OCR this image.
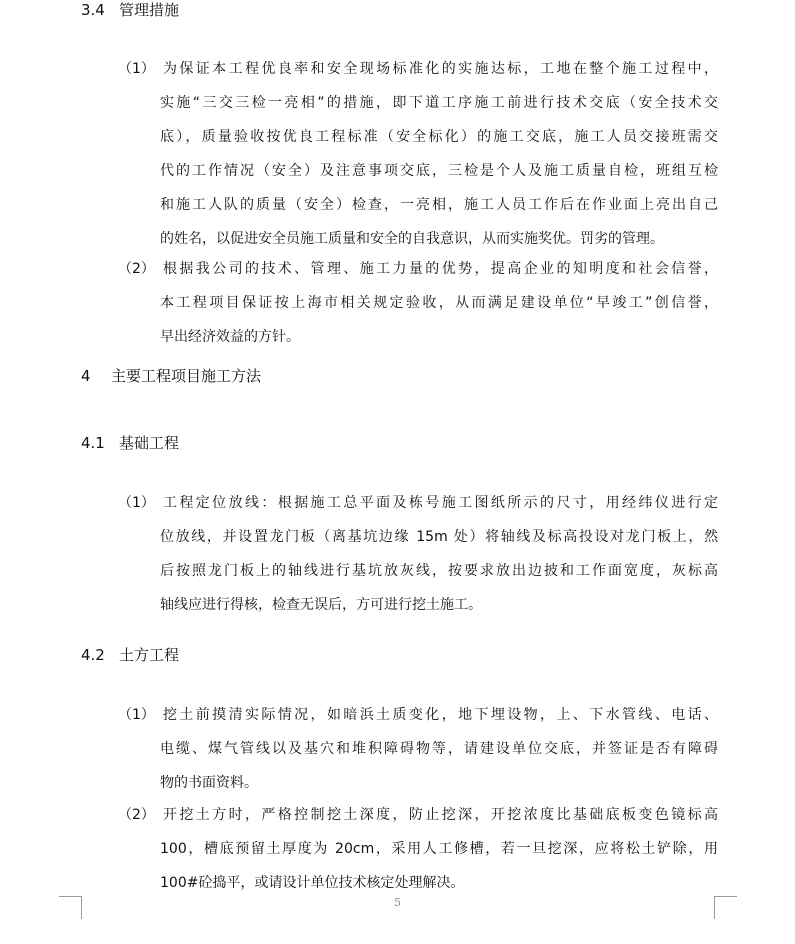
3.4 管理措施
（1） 为保证本工程优良率和安全现场标准化的实施达标，工地在整个施工过程中，
实施“三交三检一亮相”的措施，即下道工序施工前进行技术交底（安全技术交
底），质量验收按优良工程标准（安全标化）的施工交底，施工人员交接班需交
代的工作情况（安全）及注意事项交底，三检是个人及施工质量自检，班组互检
和施工人队的质量（安全）检查，一亮相，施工人员工作后在作业面上亮出自己
的姓名，以促进安全员施工质量和安全的自我意识，从而实施奖优。罚劣的管理。
（2） 根据我公司的技术、管理、施工力量的优势，提高企业的知明度和社会信誉，
本工程项目保证按上海市相关规定验收，从而满足建设单位“早竣工”创信誉，
早出经济效益的方针。
4 主要工程项目施工方法
4.1 基础工程
（1） 工程定位放线：根据施工总平面及栋号施工图纸所示的尺寸，用经纬仪进行定
位放线，并设置龙门板（离基坑边缘 15m 处）将轴线及标高投设对龙门板上，然
后按照龙门板上的轴线进行基坑放灰线，按要求放出边披和工作面宽度，灰标高
轴线应进行得核，检查无误后，方可进行挖土施工。
4.2 土方工程
（1） 挖土前摸清实际情况，如暗浜土质变化，地下埋设物，上、下水管线、电话、
电缆、煤气管线以及基穴和堆积障碍物等，请建设单位交底，并签证是否有障碍
物的书面资料。
（2） 开挖土方时，严格控制挖土深度，防止挖深，开挖浓度比基础底板变色镜标高
100，槽底预留土厚度为 20cm，采用人工修槽，若一旦挖深，应将松土铲除，用
100#砼捣平，或请设计单位技术核定处理解决。
5
